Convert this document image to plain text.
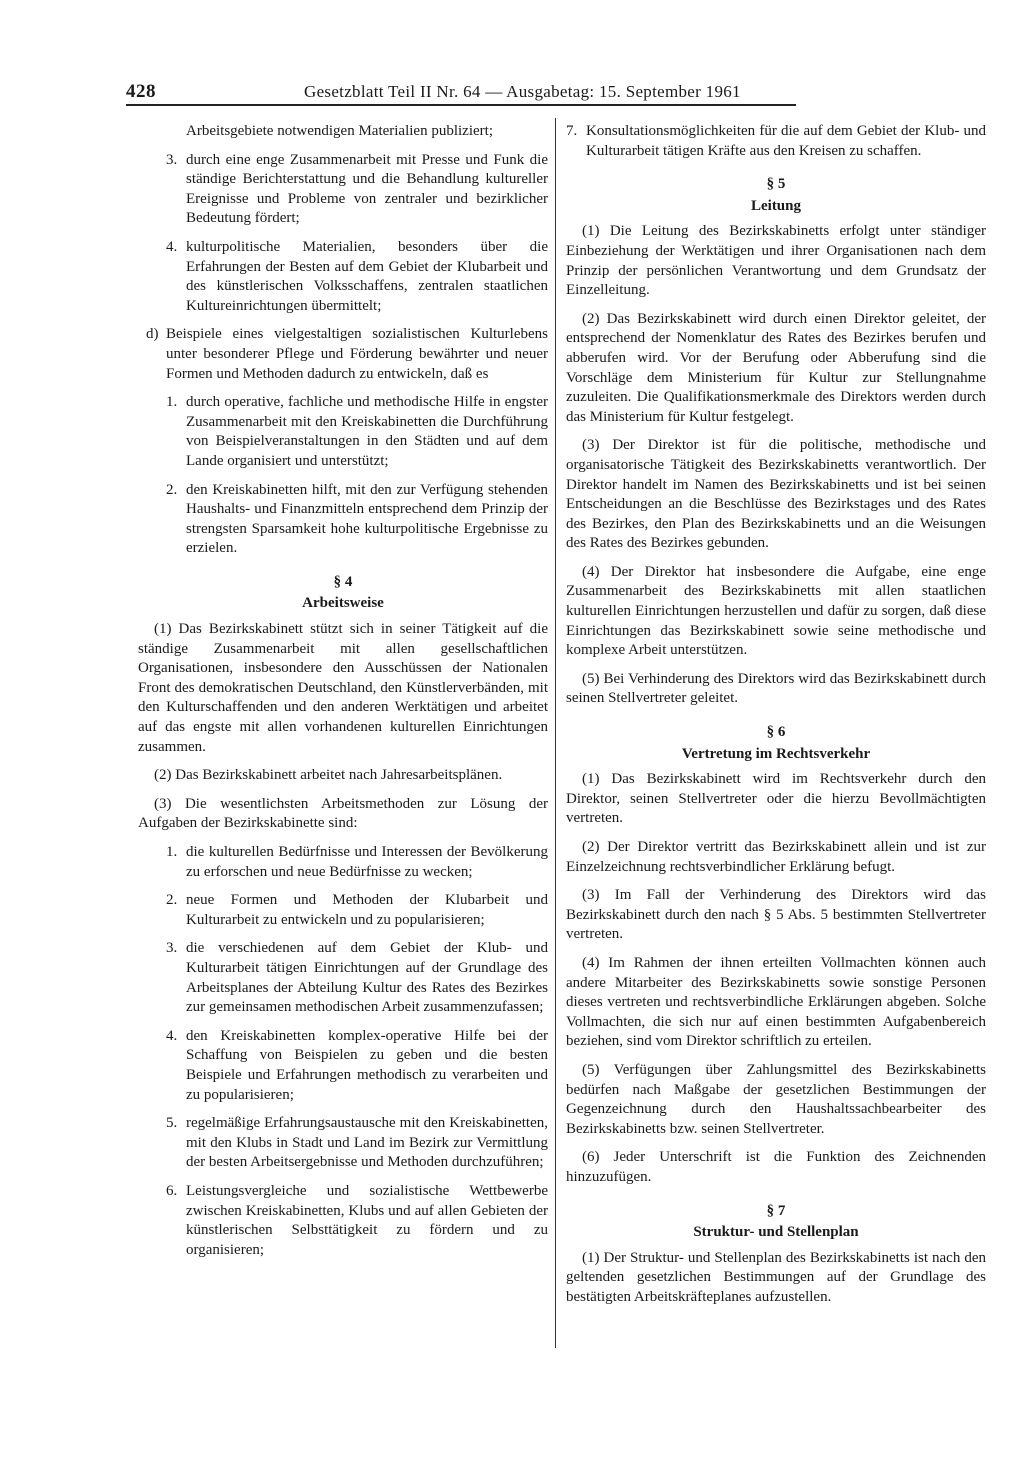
428	Gesetzblatt Teil II Nr. 64 — Ausgabetag: 15. September 1961

Arbeitsgebiete notwendigen Materialien publiziert;

3. durch eine enge Zusammenarbeit mit Presse und Funk die ständige Berichterstattung und die Behandlung kultureller Ereignisse und Probleme von zentraler und bezirklicher Bedeutung fördert;
4. kulturpolitische Materialien, besonders über die Erfahrungen der Besten auf dem Gebiet der Klubarbeit und des künstlerischen Volksschaffens, zentralen staatlichen Kultureinrichtungen übermittelt;
d) Beispiele eines vielgestaltigen sozialistischen Kulturlebens unter besonderer Pflege und Förderung bewährter und neuer Formen und Methoden dadurch zu entwickeln, daß es
1. durch operative, fachliche und methodische Hilfe in engster Zusammenarbeit mit den Kreiskabinetten die Durchführung von Beispielveranstaltungen in den Städten und auf dem Lande organisiert und unterstützt;
2. den Kreiskabinetten hilft, mit den zur Verfügung stehenden Haushalts- und Finanzmitteln entsprechend dem Prinzip der strengsten Sparsamkeit hohe kulturpolitische Ergebnisse zu erzielen.
§ 4
Arbeitsweise

(1) Das Bezirkskabinett stützt sich in seiner Tätigkeit auf die ständige Zusammenarbeit mit allen gesellschaftlichen Organisationen, insbesondere den Ausschüssen der Nationalen Front des demokratischen Deutschland, den Künstlerverbänden, mit den Kulturschaffenden und den anderen Werktätigen und arbeitet auf das engste mit allen vorhandenen kulturellen Einrichtungen zusammen.

(2) Das Bezirkskabinett arbeitet nach Jahresarbeitsplänen.

(3) Die wesentlichsten Arbeitsmethoden zur Lösung der Aufgaben der Bezirkskabinette sind:

1. die kulturellen Bedürfnisse und Interessen der Bevölkerung zu erforschen und neue Bedürfnisse zu wecken;
2. neue Formen und Methoden der Klubarbeit und Kulturarbeit zu entwickeln und zu popularisieren;
3. die verschiedenen auf dem Gebiet der Klub- und Kulturarbeit tätigen Einrichtungen auf der Grundlage des Arbeitsplanes der Abteilung Kultur des Rates des Bezirkes zur gemeinsamen methodischen Arbeit zusammenzufassen;
4. den Kreiskabinetten komplex-operative Hilfe bei der Schaffung von Beispielen zu geben und die besten Beispiele und Erfahrungen methodisch zu verarbeiten und zu popularisieren;
5. regelmäßige Erfahrungsaustausche mit den Kreiskabinetten, mit den Klubs in Stadt und Land im Bezirk zur Vermittlung der besten Arbeitsergebnisse und Methoden durchzuführen;
6. Leistungsvergleiche und sozialistische Wettbewerbe zwischen Kreiskabinetten, Klubs und auf allen Gebieten der künstlerischen Selbsttätigkeit zu fördern und zu organisieren;
7. Konsultationsmöglichkeiten für die auf dem Gebiet der Klub- und Kulturarbeit tätigen Kräfte aus den Kreisen zu schaffen.
§ 5
Leitung

(1) Die Leitung des Bezirkskabinetts erfolgt unter ständiger Einbeziehung der Werktätigen und ihrer Organisationen nach dem Prinzip der persönlichen Verantwortung und dem Grundsatz der Einzelleitung.

(2) Das Bezirkskabinett wird durch einen Direktor geleitet, der entsprechend der Nomenklatur des Rates des Bezirkes berufen und abberufen wird. Vor der Berufung oder Abberufung sind die Vorschläge dem Ministerium für Kultur zur Stellungnahme zuzuleiten. Die Qualifikationsmerkmale des Direktors werden durch das Ministerium für Kultur festgelegt.

(3) Der Direktor ist für die politische, methodische und organisatorische Tätigkeit des Bezirkskabinetts verantwortlich. Der Direktor handelt im Namen des Bezirkskabinetts und ist bei seinen Entscheidungen an die Beschlüsse des Bezirkstages und des Rates des Bezirkes, den Plan des Bezirkskabinetts und an die Weisungen des Rates des Bezirkes gebunden.

(4) Der Direktor hat insbesondere die Aufgabe, eine enge Zusammenarbeit des Bezirkskabinetts mit allen staatlichen kulturellen Einrichtungen herzustellen und dafür zu sorgen, daß diese Einrichtungen das Bezirkskabinett sowie seine methodische und komplexe Arbeit unterstützen.

(5) Bei Verhinderung des Direktors wird das Bezirkskabinett durch seinen Stellvertreter geleitet.

§ 6
Vertretung im Rechtsverkehr

(1) Das Bezirkskabinett wird im Rechtsverkehr durch den Direktor, seinen Stellvertreter oder die hierzu Bevollmächtigten vertreten.

(2) Der Direktor vertritt das Bezirkskabinett allein und ist zur Einzelzeichnung rechtsverbindlicher Erklärung befugt.

(3) Im Fall der Verhinderung des Direktors wird das Bezirkskabinett durch den nach § 5 Abs. 5 bestimmten Stellvertreter vertreten.

(4) Im Rahmen der ihnen erteilten Vollmachten können auch andere Mitarbeiter des Bezirkskabinetts sowie sonstige Personen dieses vertreten und rechtsverbindliche Erklärungen abgeben. Solche Vollmachten, die sich nur auf einen bestimmten Aufgabenbereich beziehen, sind vom Direktor schriftlich zu erteilen.

(5) Verfügungen über Zahlungsmittel des Bezirkskabinetts bedürfen nach Maßgabe der gesetzlichen Bestimmungen der Gegenzeichnung durch den Haushaltssachbearbeiter des Bezirkskabinetts bzw. seinen Stellvertreter.

(6) Jeder Unterschrift ist die Funktion des Zeichnenden hinzuzufügen.

§ 7
Struktur- und Stellenplan

(1) Der Struktur- und Stellenplan des Bezirkskabinetts ist nach den geltenden gesetzlichen Bestimmungen auf der Grundlage des bestätigten Arbeitskräfteplanes aufzustellen.
